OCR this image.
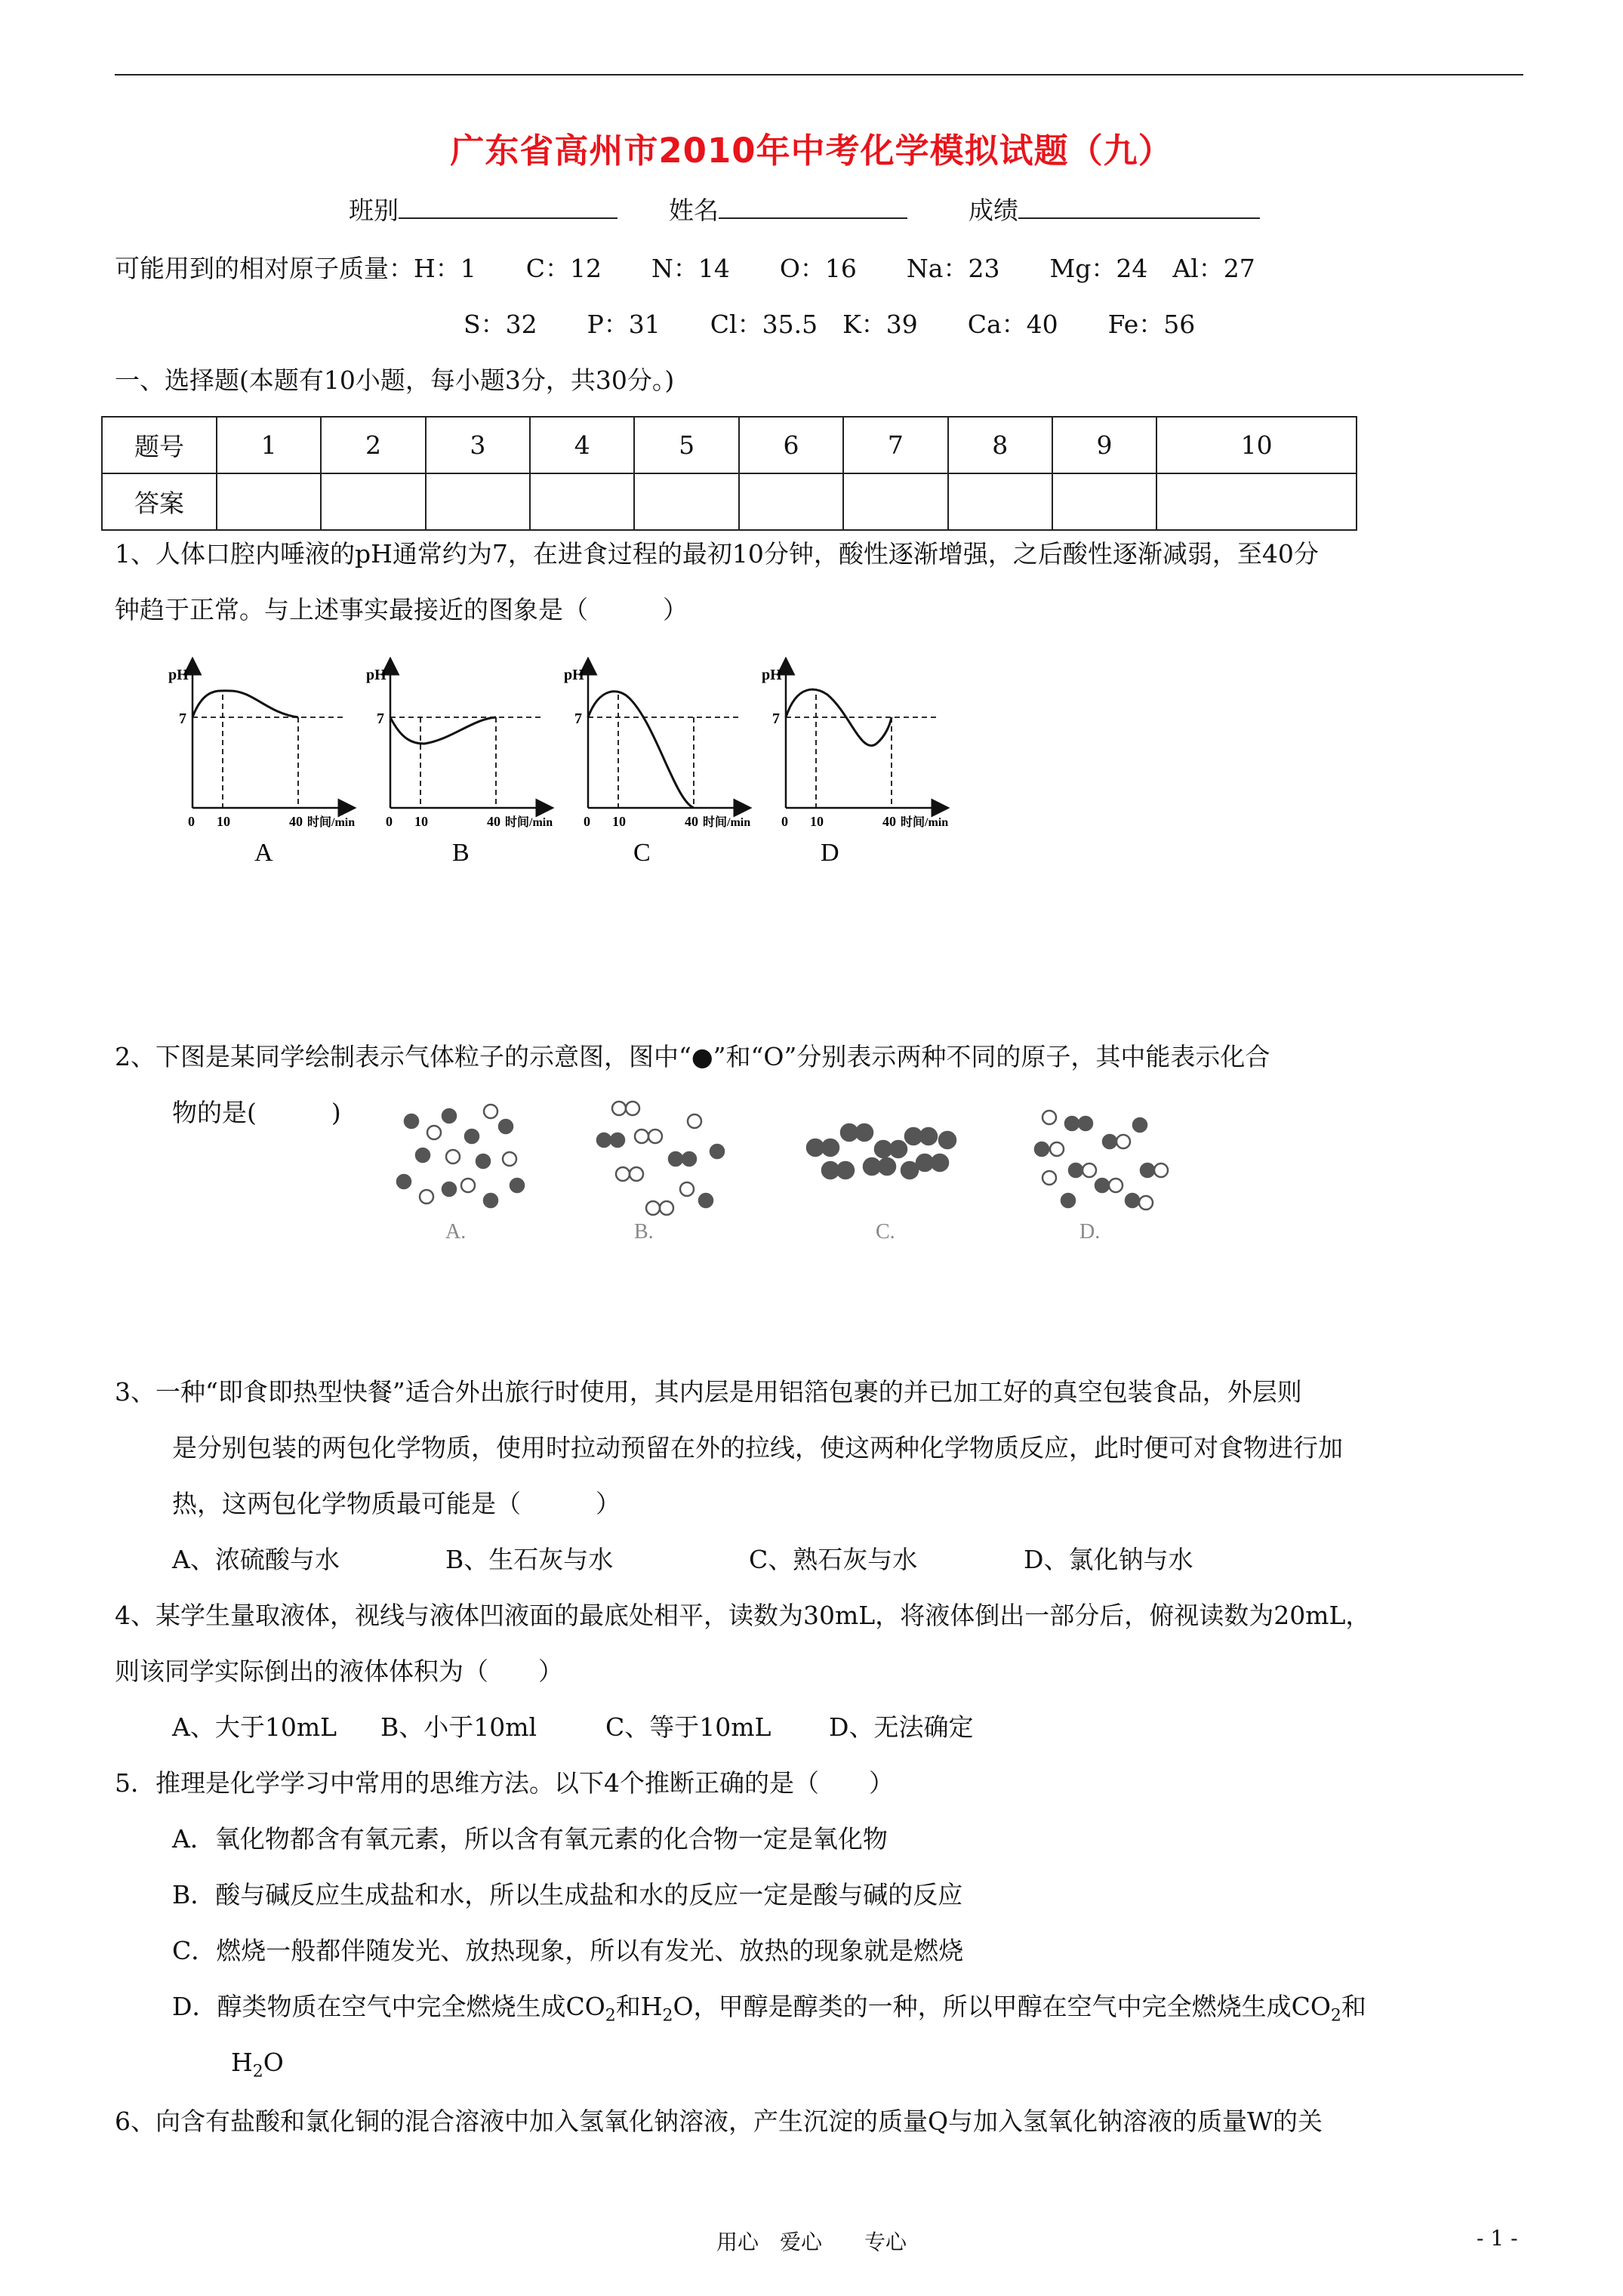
广东省高州市2010年中考化学模拟试题（九）
班别	姓名	成绩
可能用到的相对原子质量：H：1　　C：12　　N：14　　O：16　　Na：23　　Mg：24　Al：27
S：32　　P：31　　Cl：35.5　K：39　　Ca：40　　Fe：56
一、选择题(本题有10小题，每小题3分，共30分。)
题号	1	2	3	4	5	6	7	8	9	10
答案										
1、人体口腔内唾液的pH通常约为7，在进食过程的最初10分钟，酸性逐渐增强，之后酸性逐渐减弱，至40分
钟趋于正常。与上述事实最接近的图象是（　　　）
pH
7
0 10	40 时间/min
A
pH
7
0 10	40 时间/min
B
pH
7
0 10	40 时间/min
C
pH
7
0 10	40 时间/min
D
2、下图是某同学绘制表示气体粒子的示意图，图中“●”和“O”分别表示两种不同的原子，其中能表示化合
物的是(　　　)
A.	B.	C.	D.
3、一种“即食即热型快餐”适合外出旅行时使用，其内层是用铝箔包裹的并已加工好的真空包装食品，外层则
是分别包装的两包化学物质，使用时拉动预留在外的拉线，使这两种化学物质反应，此时便可对食物进行加
热，这两包化学物质最可能是（　　　）
A、浓硫酸与水	B、生石灰与水	C、熟石灰与水	D、氯化钠与水
4、某学生量取液体，视线与液体凹液面的最底处相平，读数为30mL，将液体倒出一部分后，俯视读数为20mL，
则该同学实际倒出的液体体积为（　　）
A、大于10mL B、小于10ml	C、等于10mL D、无法确定
5．推理是化学学习中常用的思维方法。以下4个推断正确的是（　　）
A．氧化物都含有氧元素，所以含有氧元素的化合物一定是氧化物
B．酸与碱反应生成盐和水，所以生成盐和水的反应一定是酸与碱的反应
C．燃烧一般都伴随发光、放热现象，所以有发光、放热的现象就是燃烧
D．醇类物质在空气中完全燃烧生成$CO_2$和$H_2O$，甲醇是醇类的一种，所以甲醇在空气中完全燃烧生成$CO_2$和
$H_2O$
6、向含有盐酸和氯化铜的混合溶液中加入氢氧化钠溶液，产生沉淀的质量Q与加入氢氧化钠溶液的质量W的关
用心　爱心　　专心	- 1 -
